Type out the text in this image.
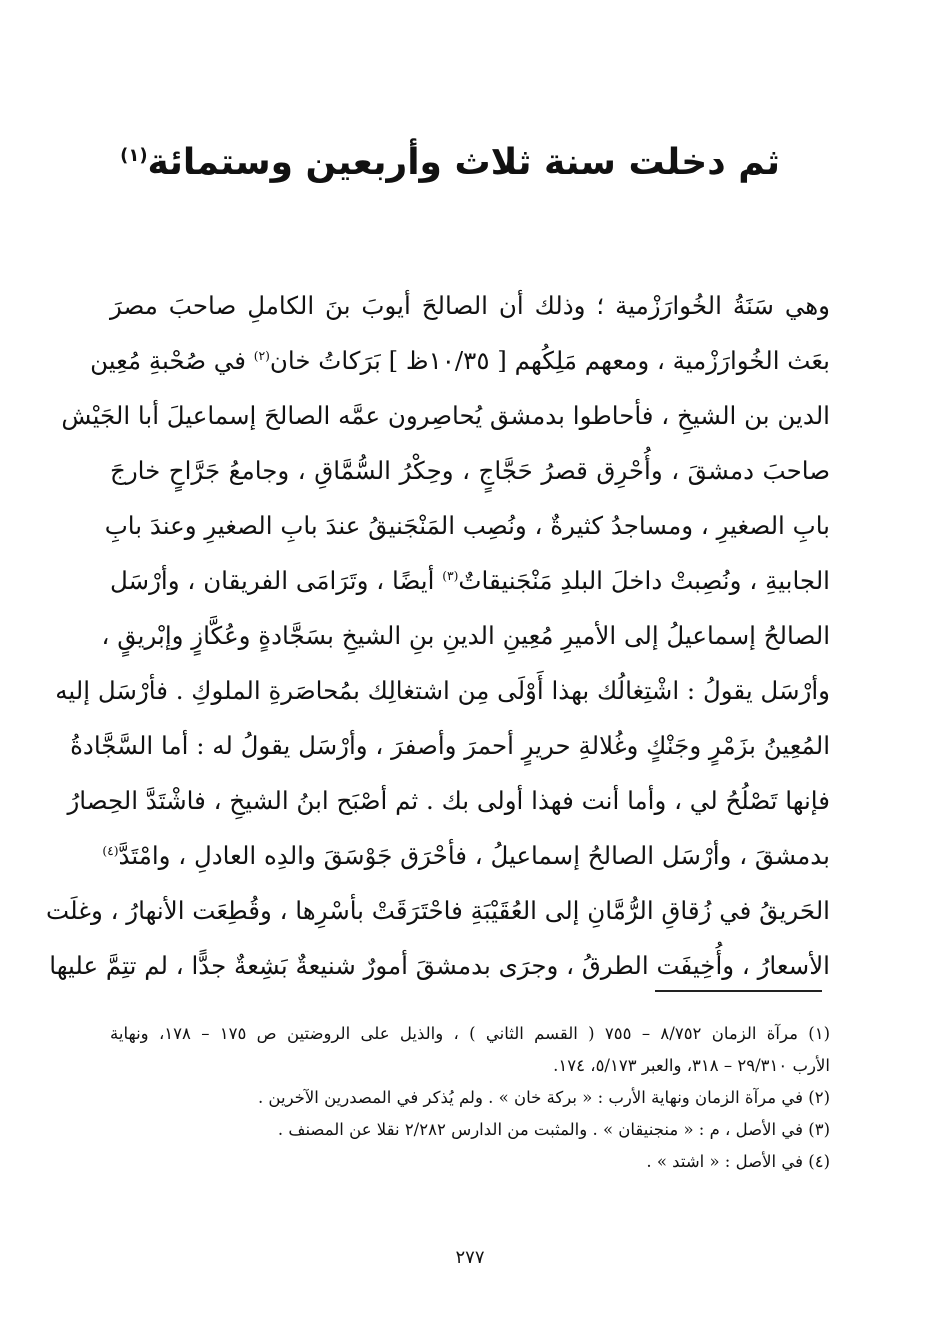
ثم دخلت سنة ثلاث وأربعين وستمائة$^{(١)}$
وهي سَنَةُ الخُوارَزْمية ؛ وذلك أن الصالحَ أيوبَ بنَ الكاملِ صاحبَ مصرَ
بعَث الخُوارَزْمية ، ومعهم مَلِكُهم [ ١٠/٣٥ظ ] بَرَكاتُ خان$^{(٢)}$ في صُحْبةِ مُعِين
الدين بن الشيخِ ، فأحاطوا بدمشق يُحاصِرون عمَّه الصالحَ إسماعيلَ أبا الجَيْش
صاحبَ دمشقَ ، وأُحْرِق قصرُ حَجَّاجٍ ، وحِكْرُ السُّمَّاقِ ، وجامعُ جَرَّاحٍ خارجَ
بابِ الصغيرِ ، ومساجدُ كثيرةٌ ، ونُصِب المَنْجَنيقُ عندَ بابِ الصغيرِ وعندَ بابِ
الجابيةِ ، ونُصِبتْ داخلَ البلدِ مَنْجَنيقاتٌ$^{(٣)}$ أيضًا ، وتَرَامَى الفريقان ، وأرْسَل
الصالحُ إسماعيلُ إلى الأميرِ مُعِينِ الدينِ بنِ الشيخِ بسَجَّادةٍ وعُكَّازٍ وإبْريقٍ ،
وأرْسَل يقولُ : اشْتِغالُك بهذا أَوْلَى مِن اشتغالِك بمُحاصَرةِ الملوكِ . فأرْسَل إليه
المُعِينُ بزَمْرٍ وجَنْكٍ وغُلالةِ حريرٍ أحمرَ وأصفرَ ، وأرْسَل يقولُ له : أما السَّجَّادةُ
فإنها تَصْلُحُ لي ، وأما أنت فهذا أولى بك . ثم أصْبَح ابنُ الشيخِ ، فاشْتَدَّ الحِصارُ
بدمشقَ ، وأرْسَل الصالحُ إسماعيلُ ، فأحْرَق جَوْسَقَ والدِه العادلِ ، وامْتَدَّ$^{(٤)}$
الحَريقُ في زُقاقِ الرُّمَّانِ إلى العُقَيْبَةِ فاحْتَرَقَتْ بأسْرِها ، وقُطِعَت الأنهارُ ، وغلَت
الأسعارُ ، وأُخِيفَت الطرقُ ، وجرَى بدمشقَ أمورٌ شنيعةٌ بَشِعةٌ جدًّا ، لم تتِمَّ عليها
(١) مرآة الزمان ٨/٧٥٢ – ٧٥٥ ( القسم الثاني ) ، والذيل على الروضتين ص ١٧٥ – ١٧٨، ونهاية
الأرب ٢٩/٣١٠ – ٣١٨، والعبر ٥/١٧٣، ١٧٤.
(٢) في مرآة الزمان ونهاية الأرب : « بركة خان » . ولم يُذكر في المصدرين الآخرين .
(٣) في الأصل ، م : « منجنيقان » . والمثبت من الدارس ٢/٢٨٢ نقلا عن المصنف .
(٤) في الأصل : « اشتد » .
٢٧٧
